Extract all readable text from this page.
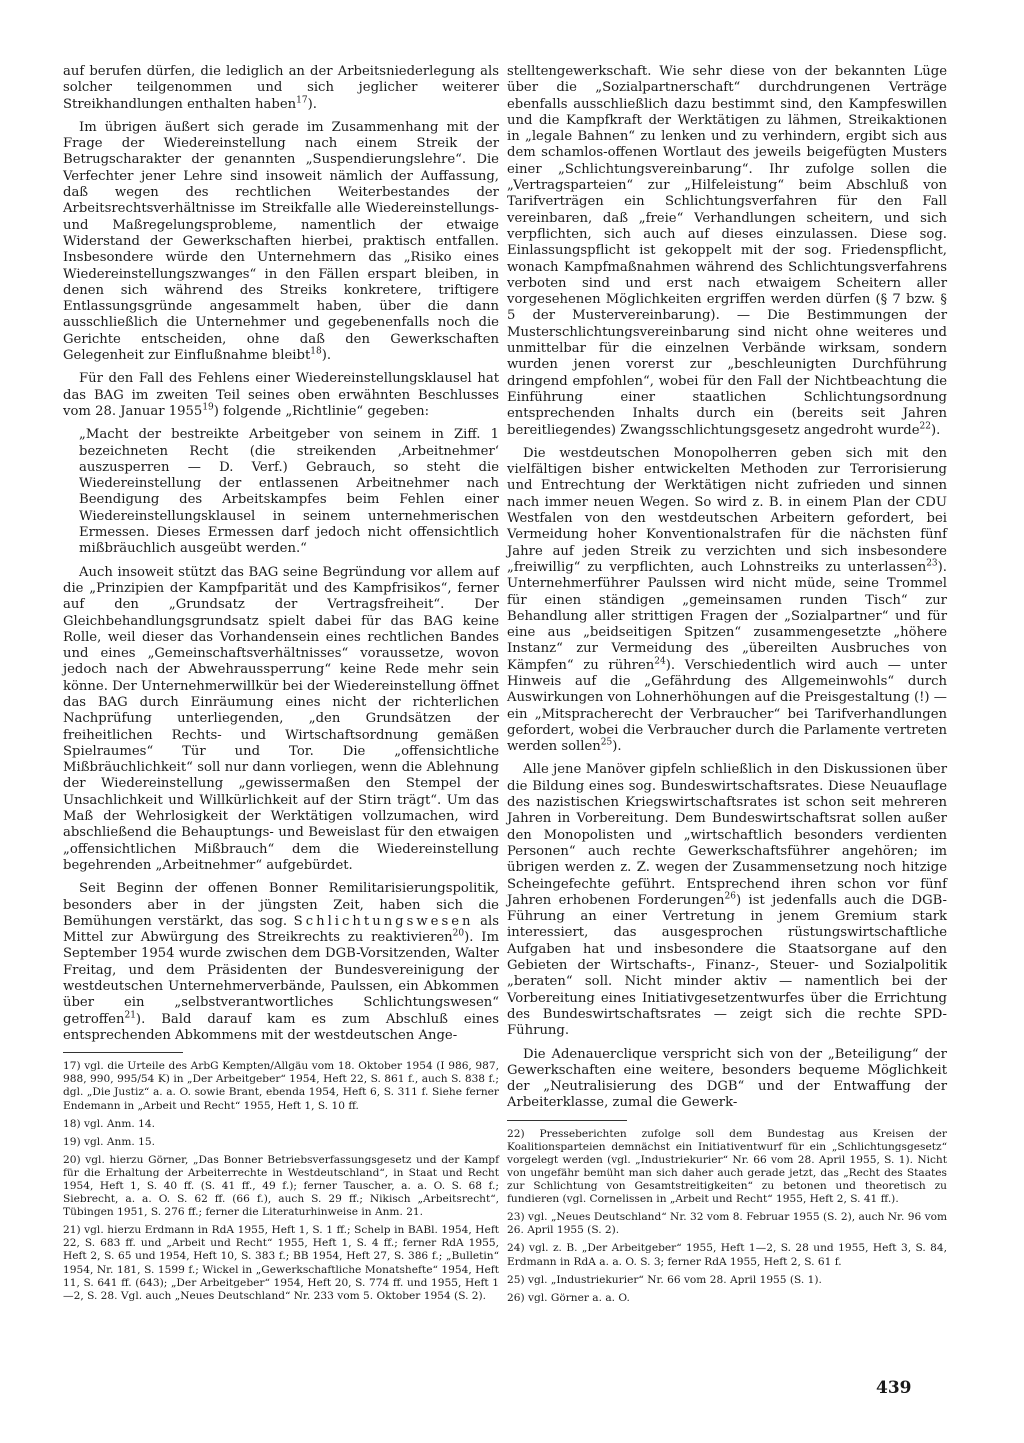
auf berufen dürfen, die lediglich an der Arbeitsniederlegung als solcher teilgenommen und sich jeglicher weiterer Streikhandlungen enthalten haben$^{17}$).

Im übrigen äußert sich gerade im Zusammenhang mit der Frage der Wiedereinstellung nach einem Streik der Betrugscharakter der genannten „Suspendierungslehre“. Die Verfechter jener Lehre sind insoweit nämlich der Auffassung, daß wegen des rechtlichen Weiterbestandes der Arbeitsrechtsverhältnisse im Streikfalle alle Wiedereinstellungs- und Maßregelungsprobleme, namentlich der etwaige Widerstand der Gewerkschaften hierbei, praktisch entfallen. Insbesondere würde den Unternehmern das „Risiko eines Wiedereinstellungszwanges“ in den Fällen erspart bleiben, in denen sich während des Streiks konkretere, triftigere Entlassungsgründe angesammelt haben, über die dann ausschließlich die Unternehmer und gegebenenfalls noch die Gerichte entscheiden, ohne daß den Gewerkschaften Gelegenheit zur Einflußnahme bleibt$^{18}$).

Für den Fall des Fehlens einer Wiedereinstellungsklausel hat das BAG im zweiten Teil seines oben erwähnten Beschlusses vom 28. Januar 1955$^{19}$) folgende „Richtlinie“ gegeben:

„Macht der bestreikte Arbeitgeber von seinem in Ziff. 1 bezeichneten Recht (die streikenden ‚Arbeitnehmer‘ auszusperren — D. Verf.) Gebrauch, so steht die Wiedereinstellung der entlassenen Arbeitnehmer nach Beendigung des Arbeitskampfes beim Fehlen einer Wiedereinstellungsklausel in seinem unternehmerischen Ermessen. Dieses Ermessen darf jedoch nicht offensichtlich mißbräuchlich ausgeübt werden.“

Auch insoweit stützt das BAG seine Begründung vor allem auf die „Prinzipien der Kampfparität und des Kampfrisikos“, ferner auf den „Grundsatz der Vertragsfreiheit“. Der Gleichbehandlungsgrundsatz spielt dabei für das BAG keine Rolle, weil dieser das Vorhandensein eines rechtlichen Bandes und eines „Gemeinschaftsverhältnisses“ voraussetze, wovon jedoch nach der Abwehraussperrung“ keine Rede mehr sein könne. Der Unternehmerwillkür bei der Wiedereinstellung öffnet das BAG durch Einräumung eines nicht der richterlichen Nachprüfung unterliegenden, „den Grundsätzen der freiheitlichen Rechts- und Wirtschaftsordnung gemäßen Spielraumes“ Tür und Tor. Die „offensichtliche Mißbräuchlichkeit“ soll nur dann vorliegen, wenn die Ablehnung der Wiedereinstellung „gewissermaßen den Stempel der Unsachlichkeit und Willkürlichkeit auf der Stirn trägt“. Um das Maß der Wehrlosigkeit der Werktätigen vollzumachen, wird abschließend die Behauptungs- und Beweislast für den etwaigen „offensichtlichen Mißbrauch“ dem die Wiedereinstellung begehrenden „Arbeitnehmer“ aufgebürdet.

Seit Beginn der offenen Bonner Remilitarisierungspolitik, besonders aber in der jüngsten Zeit, haben sich die Bemühungen verstärkt, das sog. Schlichtungswesen als Mittel zur Abwürgung des Streikrechts zu reaktivieren$^{20}$). Im September 1954 wurde zwischen dem DGB-Vorsitzenden, Walter Freitag, und dem Präsidenten der Bundesvereinigung der westdeutschen Unternehmerverbände, Paulssen, ein Abkommen über ein „selbstverantwortliches Schlichtungswesen“ getroffen$^{21}$). Bald darauf kam es zum Abschluß eines entsprechenden Abkommens mit der westdeutschen Ange-

17) vgl. die Urteile des ArbG Kempten/Allgäu vom 18. Oktober 1954 (I 986, 987, 988, 990, 995/54 K) in „Der Arbeitgeber“ 1954, Heft 22, S. 861 f., auch S. 838 f.; dgl. „Die Justiz“ a. a. O. sowie Brant, ebenda 1954, Heft 6, S. 311 f. Siehe ferner Endemann in „Arbeit und Recht“ 1955, Heft 1, S. 10 ff.

18) vgl. Anm. 14.

19) vgl. Anm. 15.

20) vgl. hierzu Görner, „Das Bonner Betriebsverfassungsgesetz und der Kampf für die Erhaltung der Arbeiterrechte in Westdeutschland“, in Staat und Recht 1954, Heft 1, S. 40 ff. (S. 41 ff., 49 f.); ferner Tauscher, a. a. O. S. 68 f.; Siebrecht, a. a. O. S. 62 ff. (66 f.), auch S. 29 ff.; Nikisch „Arbeitsrecht“, Tübingen 1951, S. 276 ff.; ferner die Literaturhinweise in Anm. 21.

21) vgl. hierzu Erdmann in RdA 1955, Heft 1, S. 1 ff.; Schelp in BABl. 1954, Heft 22, S. 683 ff. und „Arbeit und Recht“ 1955, Heft 1, S. 4 ff.; ferner RdA 1955, Heft 2, S. 65 und 1954, Heft 10, S. 383 f.; BB 1954, Heft 27, S. 386 f.; „Bulletin“ 1954, Nr. 181, S. 1599 f.; Wickel in „Gewerkschaftliche Monatshefte“ 1954, Heft 11, S. 641 ff. (643); „Der Arbeitgeber“ 1954, Heft 20, S. 774 ff. und 1955, Heft 1—2, S. 28. Vgl. auch „Neues Deutschland“ Nr. 233 vom 5. Oktober 1954 (S. 2).

stelltengewerkschaft. Wie sehr diese von der bekannten Lüge über die „Sozialpartnerschaft“ durchdrungenen Verträge ebenfalls ausschließlich dazu bestimmt sind, den Kampfeswillen und die Kampfkraft der Werktätigen zu lähmen, Streikaktionen in „legale Bahnen“ zu lenken und zu verhindern, ergibt sich aus dem schamlos-offenen Wortlaut des jeweils beigefügten Musters einer „Schlichtungsvereinbarung“. Ihr zufolge sollen die „Vertragsparteien“ zur „Hilfeleistung“ beim Abschluß von Tarifverträgen ein Schlichtungsverfahren für den Fall vereinbaren, daß „freie“ Verhandlungen scheitern, und sich verpflichten, sich auch auf dieses einzulassen. Diese sog. Einlassungspflicht ist gekoppelt mit der sog. Friedenspflicht, wonach Kampfmaßnahmen während des Schlichtungsverfahrens verboten sind und erst nach etwaigem Scheitern aller vorgesehenen Möglichkeiten ergriffen werden dürfen (§ 7 bzw. § 5 der Mustervereinbarung). — Die Bestimmungen der Musterschlichtungsvereinbarung sind nicht ohne weiteres und unmittelbar für die einzelnen Verbände wirksam, sondern wurden jenen vorerst zur „beschleunigten Durchführung dringend empfohlen“, wobei für den Fall der Nichtbeachtung die Einführung einer staatlichen Schlichtungsordnung entsprechenden Inhalts durch ein (bereits seit Jahren bereitliegendes) Zwangsschlichtungsgesetz angedroht wurde$^{22}$).

Die westdeutschen Monopolherren geben sich mit den vielfältigen bisher entwickelten Methoden zur Terrorisierung und Entrechtung der Werktätigen nicht zufrieden und sinnen nach immer neuen Wegen. So wird z. B. in einem Plan der CDU Westfalen von den westdeutschen Arbeitern gefordert, bei Vermeidung hoher Konventionalstrafen für die nächsten fünf Jahre auf jeden Streik zu verzichten und sich insbesondere „freiwillig“ zu verpflichten, auch Lohnstreiks zu unterlassen$^{23}$). Unternehmerführer Paulssen wird nicht müde, seine Trommel für einen ständigen „gemeinsamen runden Tisch“ zur Behandlung aller strittigen Fragen der „Sozialpartner“ und für eine aus „beidseitigen Spitzen“ zusammengesetzte „höhere Instanz“ zur Vermeidung des „übereilten Ausbruches von Kämpfen“ zu rühren$^{24}$). Verschiedentlich wird auch — unter Hinweis auf die „Gefährdung des Allgemeinwohls“ durch Auswirkungen von Lohnerhöhungen auf die Preisgestaltung (!) — ein „Mitspracherecht der Verbraucher“ bei Tarifverhandlungen gefordert, wobei die Verbraucher durch die Parlamente vertreten werden sollen$^{25}$).

Alle jene Manöver gipfeln schließlich in den Diskussionen über die Bildung eines sog. Bundeswirtschaftsrates. Diese Neuauflage des nazistischen Kriegswirtschaftsrates ist schon seit mehreren Jahren in Vorbereitung. Dem Bundeswirtschaftsrat sollen außer den Monopolisten und „wirtschaftlich besonders verdienten Personen“ auch rechte Gewerkschaftsführer angehören; im übrigen werden z. Z. wegen der Zusammensetzung noch hitzige Scheingefechte geführt. Entsprechend ihren schon vor fünf Jahren erhobenen Forderungen$^{26}$) ist jedenfalls auch die DGB-Führung an einer Vertretung in jenem Gremium stark interessiert, das ausgesprochen rüstungswirtschaftliche Aufgaben hat und insbesondere die Staatsorgane auf den Gebieten der Wirtschafts-, Finanz-, Steuer- und Sozialpolitik „beraten“ soll. Nicht minder aktiv — namentlich bei der Vorbereitung eines Initiativgesetzentwurfes über die Errichtung des Bundeswirtschaftsrates — zeigt sich die rechte SPD-Führung.

Die Adenauerclique verspricht sich von der „Beteiligung“ der Gewerkschaften eine weitere, besonders bequeme Möglichkeit der „Neutralisierung des DGB“ und der Entwaffung der Arbeiterklasse, zumal die Gewerk-

22) Presseberichten zufolge soll dem Bundestag aus Kreisen der Koalitionsparteien demnächst ein Initiativentwurf für ein „Schlichtungsgesetz“ vorgelegt werden (vgl. „Industriekurier“ Nr. 66 vom 28. April 1955, S. 1). Nicht von ungefähr bemüht man sich daher auch gerade jetzt, das „Recht des Staates zur Schlichtung von Gesamtstreitigkeiten“ zu betonen und theoretisch zu fundieren (vgl. Cornelissen in „Arbeit und Recht“ 1955, Heft 2, S. 41 ff.).

23) vgl. „Neues Deutschland“ Nr. 32 vom 8. Februar 1955 (S. 2), auch Nr. 96 vom 26. April 1955 (S. 2).

24) vgl. z. B. „Der Arbeitgeber“ 1955, Heft 1—2, S. 28 und 1955, Heft 3, S. 84, Erdmann in RdA a. a. O. S. 3; ferner RdA 1955, Heft 2, S. 61 f.

25) vgl. „Industriekurier“ Nr. 66 vom 28. April 1955 (S. 1).

26) vgl. Görner a. a. O.

439
